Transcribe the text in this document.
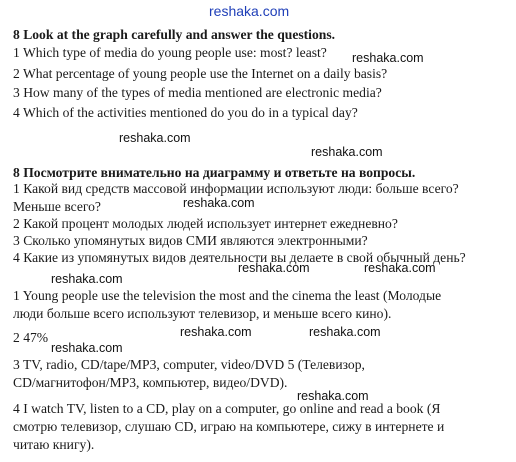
reshaka.com
reshaka.com
reshaka.com
reshaka.com
reshaka.com
reshaka.com	reshaka.com
reshaka.com
reshaka.com	reshaka.com
reshaka.com
reshaka.com
8 Look at the graph carefully and answer the questions.
1 Which type of media do young people use: most? least?
2 What percentage of young people use the Internet on a daily basis?
3 How many of the types of media mentioned are electronic media?
4 Which of the activities mentioned do you do in a typical day?
8 Посмотрите внимательно на диаграмму и ответьте на вопросы.
1 Какой вид средств массовой информации используют люди: больше всего?
Меньше всего?
2 Какой процент молодых людей использует интернет ежедневно?
3 Сколько упомянутых видов СМИ являются электронными?
4 Какие из упомянутых видов деятельности вы делаете в свой обычный день?
1 Young people use the television the most and the cinema the least (Молодые
люди больше всего используют телевизор, и меньше всего кино).
2 47%
3 TV, radio, CD/tape/MP3, computer, video/DVD 5 (Телевизор,
CD/магнитофон/MP3, компьютер, видео/DVD).
4 I watch TV, listen to a CD, play on a computer, go online and read a book (Я
смотрю телевизор, слушаю CD, играю на компьютере, сижу в интернете и
читаю книгу).
